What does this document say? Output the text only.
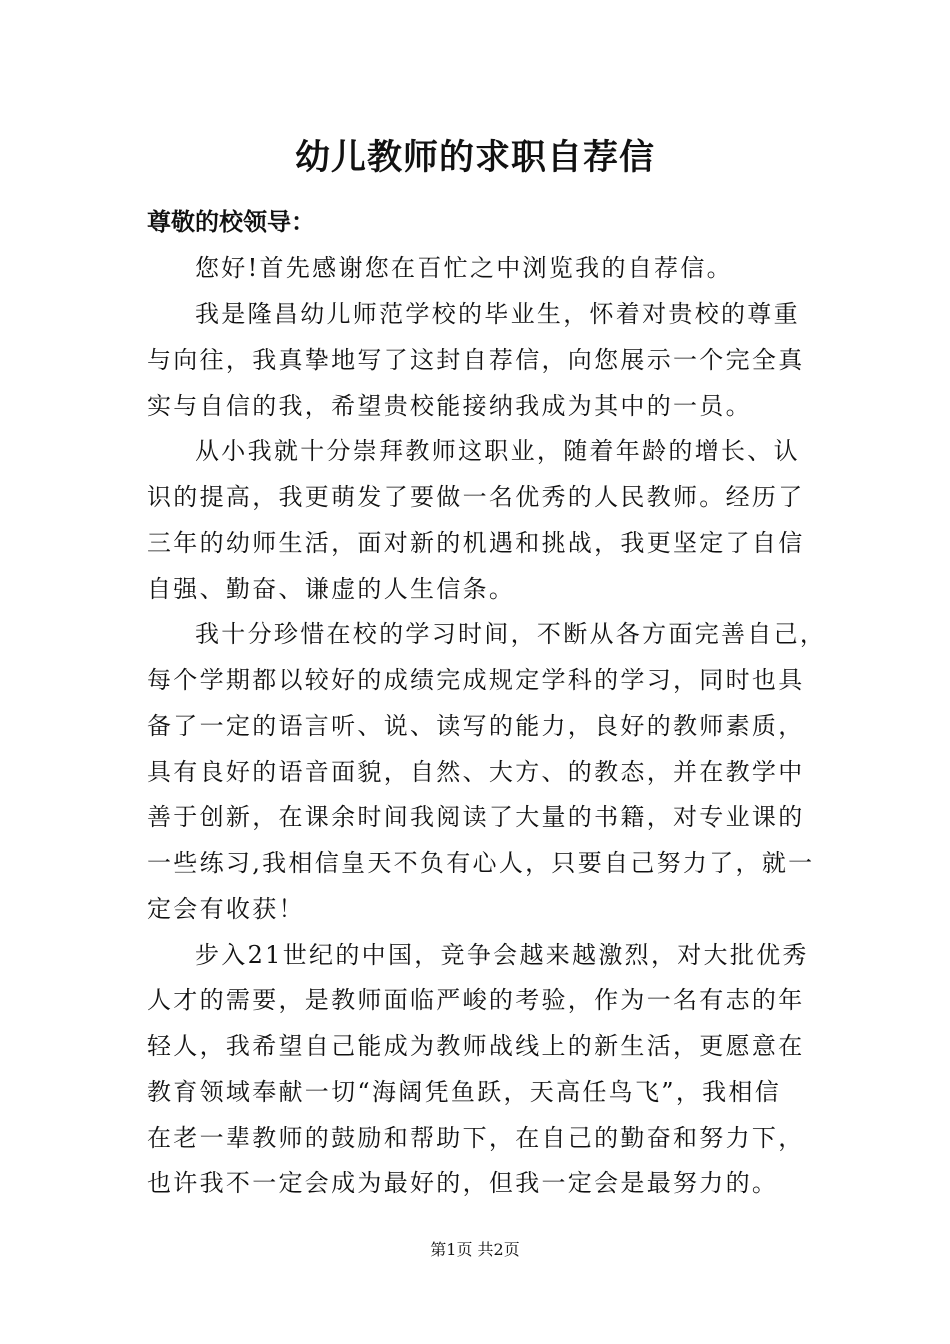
幼儿教师的求职自荐信
尊敬的校领导：
您好!首先感谢您在百忙之中浏览我的自荐信。
我是隆昌幼儿师范学校的毕业生，怀着对贵校的尊重
与向往，我真挚地写了这封自荐信，向您展示一个完全真
实与自信的我，希望贵校能接纳我成为其中的一员。
从小我就十分崇拜教师这职业，随着年龄的增长、认
识的提高，我更萌发了要做一名优秀的人民教师。经历了
三年的幼师生活，面对新的机遇和挑战，我更坚定了自信
自强、勤奋、谦虚的人生信条。
我十分珍惜在校的学习时间，不断从各方面完善自己，
每个学期都以较好的成绩完成规定学科的学习，同时也具
备了一定的语言听、说、读写的能力，良好的教师素质，
具有良好的语音面貌，自然、大方、的教态，并在教学中
善于创新，在课余时间我阅读了大量的书籍，对专业课的
一些练习,我相信皇天不负有心人，只要自己努力了，就一
定会有收获！
步入21世纪的中国，竞争会越来越激烈，对大批优秀
人才的需要，是教师面临严峻的考验，作为一名有志的年
轻人，我希望自己能成为教师战线上的新生活，更愿意在
教育领域奉献一切“海阔凭鱼跃，天高任鸟飞”，我相信
在老一辈教师的鼓励和帮助下，在自己的勤奋和努力下，
也许我不一定会成为最好的，但我一定会是最努力的。
第1页 共2页
